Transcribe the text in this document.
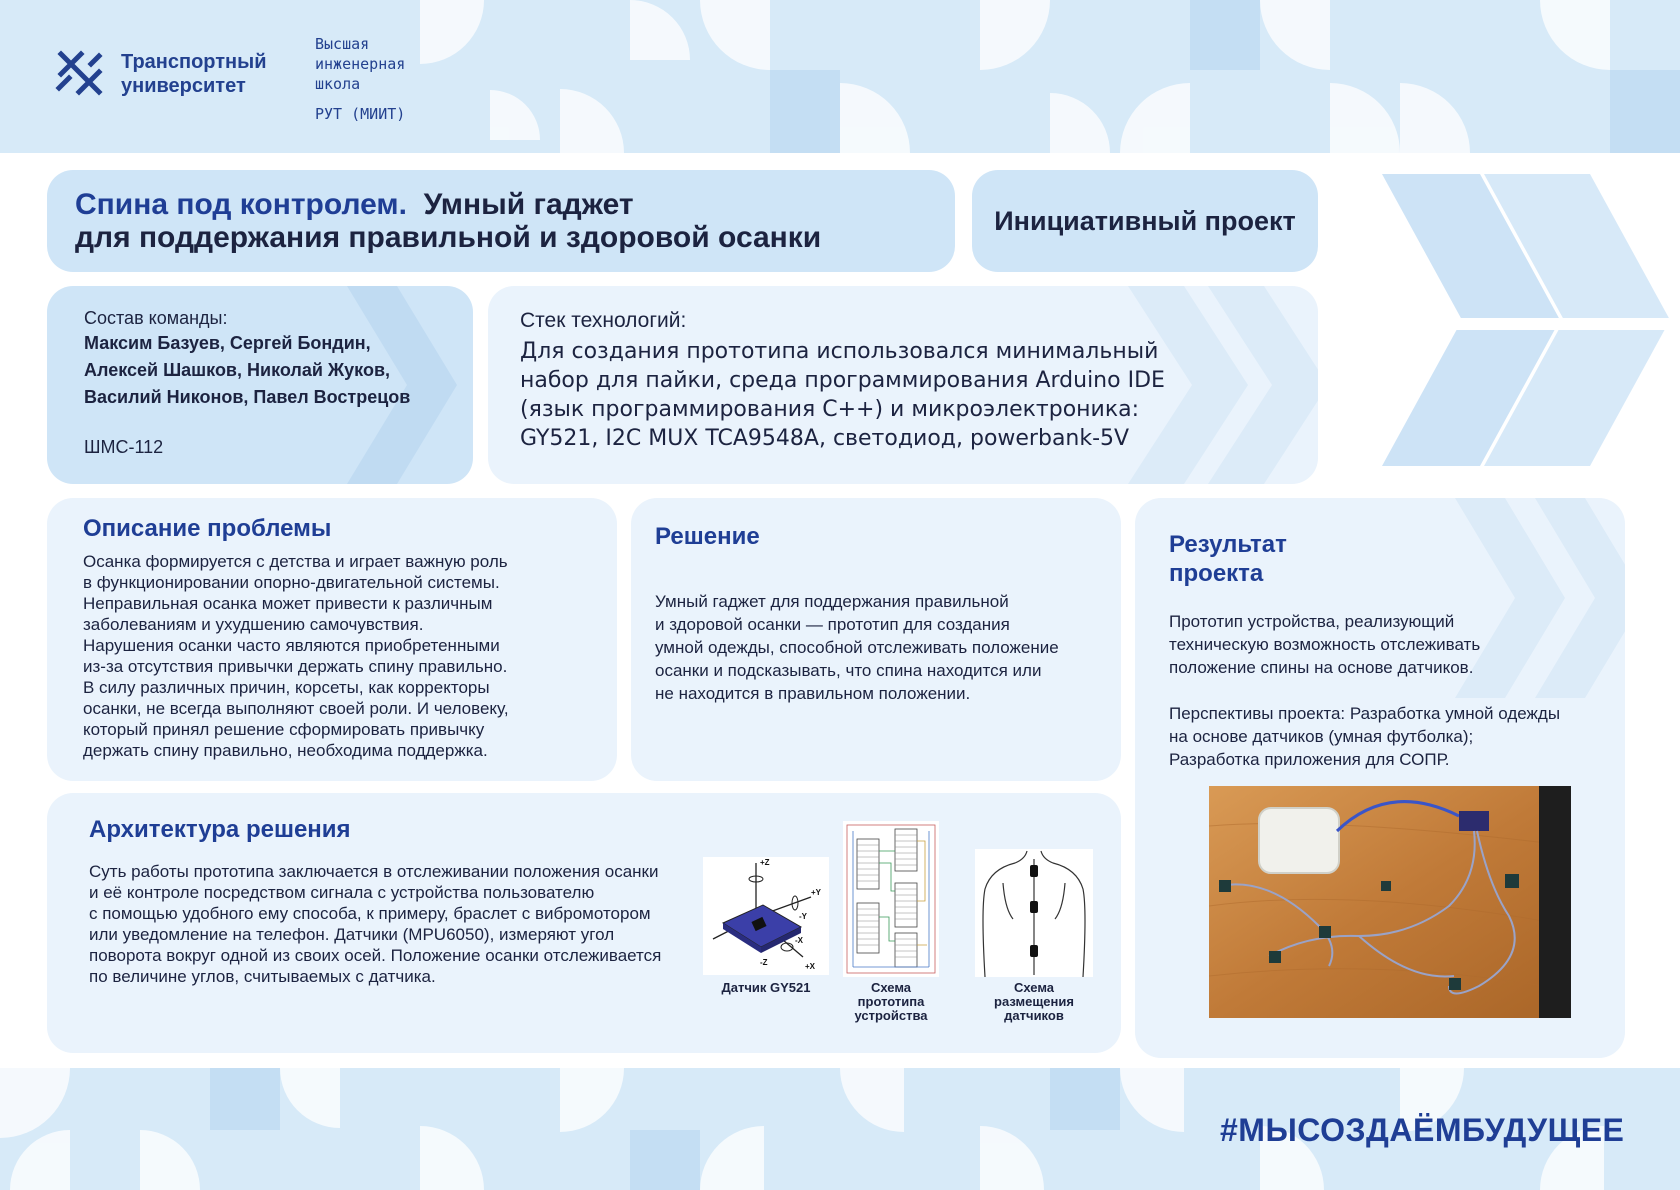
Транспортный
университет
Высшая
инженерная
школа
РУТ (МИИТ)
Спина под контролем. Умный гаджет
для поддержания правильной и здоровой осанки
Инициативный проект
Состав команды:
Максим Базуев, Сергей Бондин,
Алексей Шашков, Николай Жуков,
Василий Никонов, Павел Вострецов
ШМС-112
Стек технологий:
Для создания прототипа использовался минимальный
набор для пайки, среда программирования Arduino IDE
(язык программирования C++) и микроэлектроника:
GY521, I2C MUX TCA9548A, светодиод, powerbank-5V
Описание проблемы
Осанка формируется с детства и играет важную роль
в функционировании опорно-двигательной системы.
Неправильная осанка может привести к различным
заболеваниям и ухудшению самочувствия.
Нарушения осанки часто являются приобретенными
из-за отсутствия привычки держать спину правильно.
В силу различных причин, корсеты, как корректоры
осанки, не всегда выполняют своей роли. И человеку,
который принял решение сформировать привычку
держать спину правильно, необходима поддержка.
Решение
Умный гаджет для поддержания правильной
и здоровой осанки — прототип для создания
умной одежды, способной отслеживать положение
осанки и подсказывать, что спина находится или
не находится в правильном положении.
Результат
проекта
Прототип устройства, реализующий
техническую возможность отслеживать
положение спины на основе датчиков.
Перспективы проекта: Разработка умной одежды
на основе датчиков (умная футболка);
Разработка приложения для СОПР.
Архитектура решения
Суть работы прототипа заключается в отслеживании положения осанки
и её контроле посредством сигнала с устройства пользователю
с помощью удобного ему способа, к примеру, браслет с вибромотором
или уведомление на телефон. Датчики (MPU6050), измеряют угол
поворота вокруг одной из своих осей. Положение осанки отслеживается
по величине углов, считываемых с датчика.
+Z
+Y
+X
-Z
-Y
-X
Датчик GY521	Схема
прототипа
устройства
Схема
размещения
датчиков
#МЫСОЗДАЁМБУДУЩЕЕ
